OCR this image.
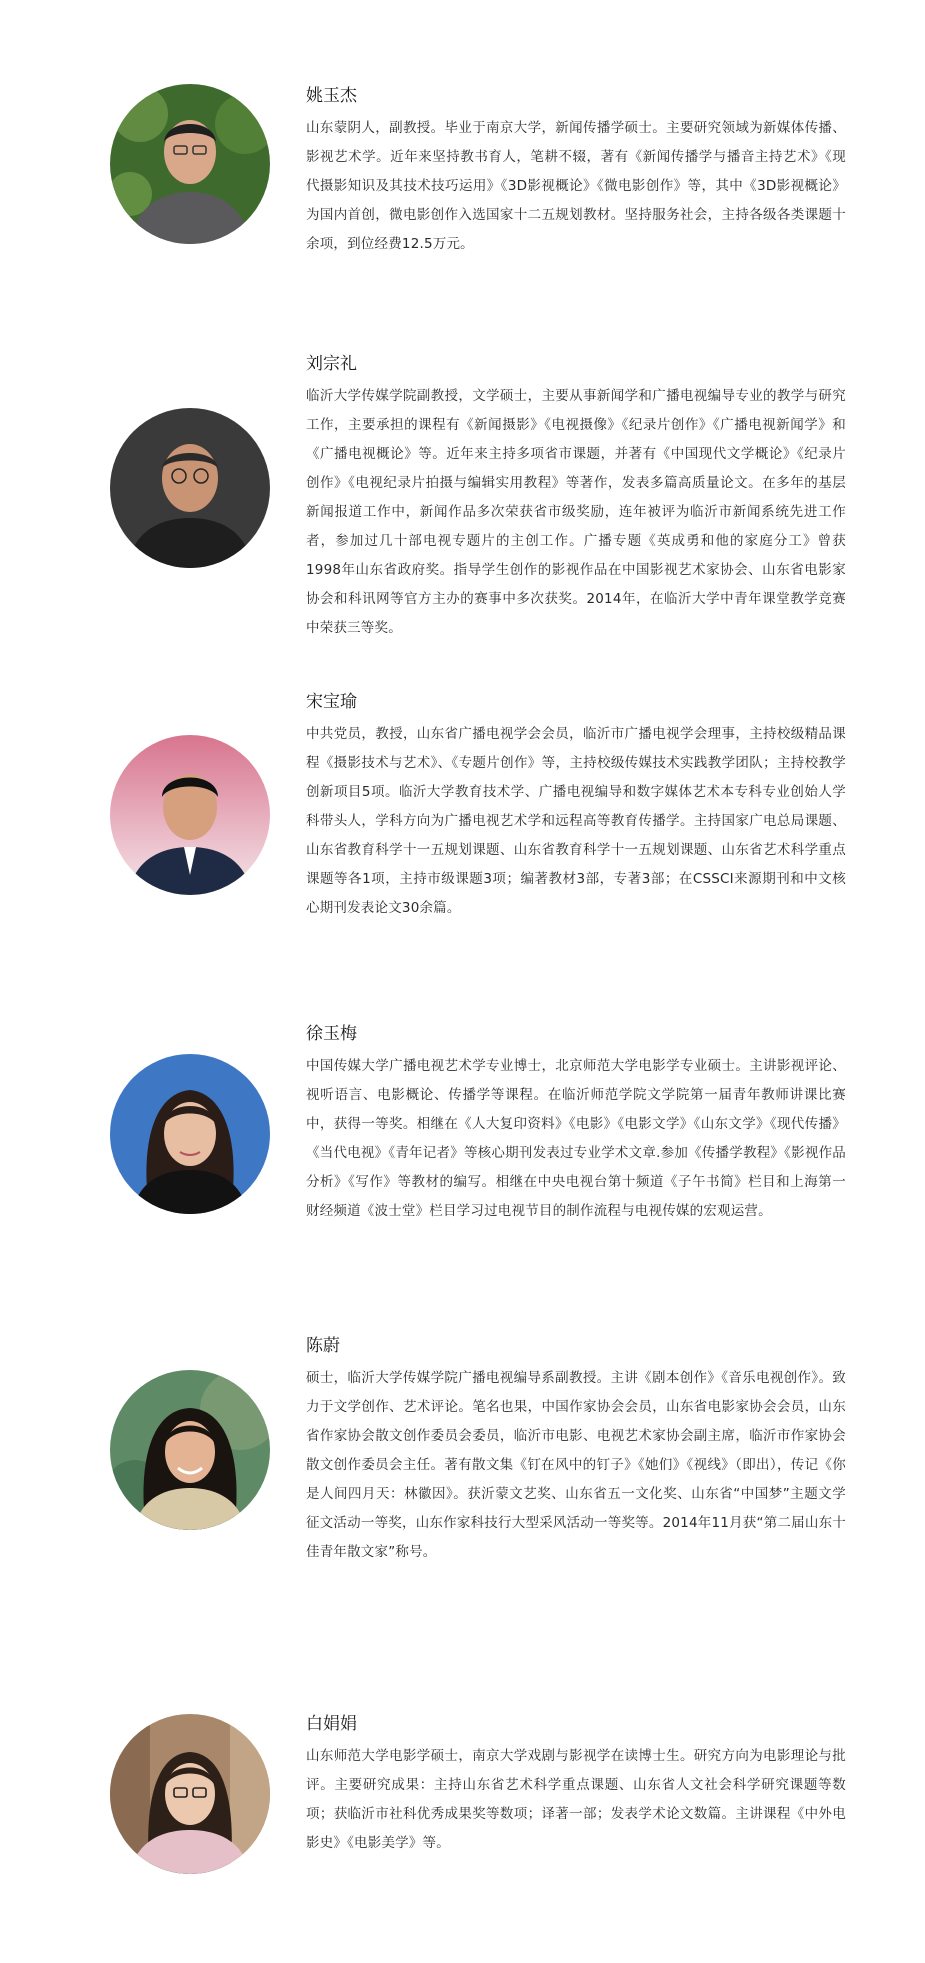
姚玉杰

山东蒙阴人，副教授。毕业于南京大学，新闻传播学硕士。主要研究领域为新媒体传播、影视艺术学。近年来坚持教书育人，笔耕不辍，著有《新闻传播学与播音主持艺术》《现代摄影知识及其技术技巧运用》《3D影视概论》《微电影创作》等，其中《3D影视概论》为国内首创，微电影创作入选国家十二五规划教材。坚持服务社会，主持各级各类课题十余项，到位经费12.5万元。

刘宗礼

临沂大学传媒学院副教授，文学硕士，主要从事新闻学和广播电视编导专业的教学与研究工作，主要承担的课程有《新闻摄影》《电视摄像》《纪录片创作》《广播电视新闻学》和《广播电视概论》等。近年来主持多项省市课题，并著有《中国现代文学概论》《纪录片创作》《电视纪录片拍摄与编辑实用教程》等著作，发表多篇高质量论文。在多年的基层新闻报道工作中，新闻作品多次荣获省市级奖励，连年被评为临沂市新闻系统先进工作者，参加过几十部电视专题片的主创工作。广播专题《英成勇和他的家庭分工》曾获1998年山东省政府奖。指导学生创作的影视作品在中国影视艺术家协会、山东省电影家协会和科讯网等官方主办的赛事中多次获奖。2014年，在临沂大学中青年课堂教学竞赛中荣获三等奖。

宋宝瑜

中共党员，教授，山东省广播电视学会会员，临沂市广播电视学会理事，主持校级精品课程《摄影技术与艺术》、《专题片创作》等，主持校级传媒技术实践教学团队；主持校教学创新项目5项。临沂大学教育技术学、广播电视编导和数字媒体艺术本专科专业创始人学科带头人，学科方向为广播电视艺术学和远程高等教育传播学。主持国家广电总局课题、山东省教育科学十一五规划课题、山东省教育科学十一五规划课题、山东省艺术科学重点课题等各1项，主持市级课题3项；编著教材3部，专著3部；在CSSCI来源期刊和中文核心期刊发表论文30余篇。

徐玉梅

中国传媒大学广播电视艺术学专业博士，北京师范大学电影学专业硕士。主讲影视评论、视听语言、电影概论、传播学等课程。在临沂师范学院文学院第一届青年教师讲课比赛中，获得一等奖。相继在《人大复印资料》《电影》《电影文学》《山东文学》《现代传播》《当代电视》《青年记者》等核心期刊发表过专业学术文章.参加《传播学教程》《影视作品分析》《写作》等教材的编写。相继在中央电视台第十频道《子午书简》栏目和上海第一财经频道《波士堂》栏目学习过电视节目的制作流程与电视传媒的宏观运营。

陈蔚

硕士，临沂大学传媒学院广播电视编导系副教授。主讲《剧本创作》《音乐电视创作》。致力于文学创作、艺术评论。笔名也果，中国作家协会会员，山东省电影家协会会员，山东省作家协会散文创作委员会委员，临沂市电影、电视艺术家协会副主席，临沂市作家协会散文创作委员会主任。著有散文集《钉在风中的钉子》《她们》《视线》（即出），传记《你是人间四月天：林徽因》。获沂蒙文艺奖、山东省五一文化奖、山东省“中国梦”主题文学征文活动一等奖，山东作家科技行大型采风活动一等奖等。2014年11月获“第二届山东十佳青年散文家”称号。

白娟娟

山东师范大学电影学硕士，南京大学戏剧与影视学在读博士生。研究方向为电影理论与批评。主要研究成果：主持山东省艺术科学重点课题、山东省人文社会科学研究课题等数项；获临沂市社科优秀成果奖等数项；译著一部；发表学术论文数篇。主讲课程《中外电影史》《电影美学》等。
